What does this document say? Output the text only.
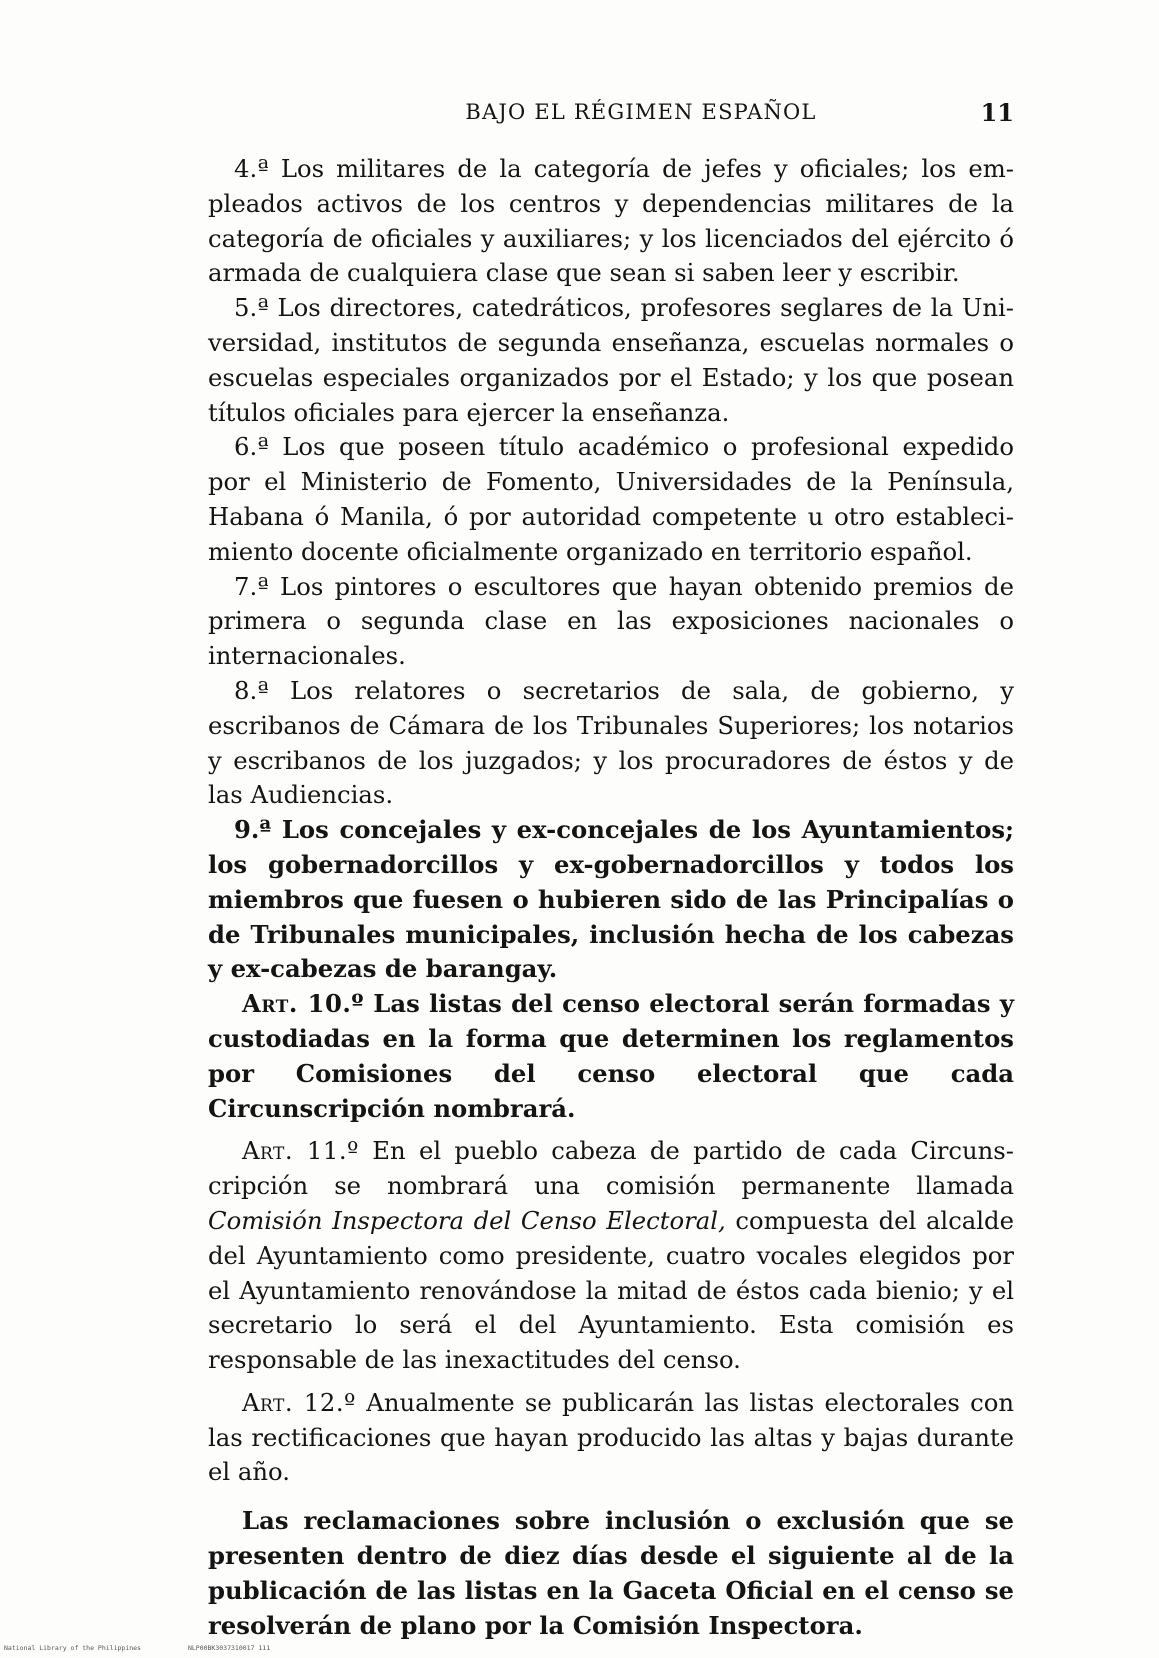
BAJO EL RÉGIMEN ESPAÑOL	11

4.ª Los militares de la categoría de jefes y oficiales; los empleados activos de los centros y dependencias militares de la categoría de oficiales y auxiliares; y los licenciados del ejército ó armada de cualquiera clase que sean si saben leer y escribir.

5.ª Los directores, catedráticos, profesores seglares de la Universidad, institutos de segunda enseñanza, escuelas normales o escuelas especiales organizados por el Estado; y los que posean títulos oficiales para ejercer la enseñanza.

6.ª Los que poseen título académico o profesional expedido por el Ministerio de Fomento, Universidades de la Península, Habana ó Manila, ó por autoridad competente u otro establecimiento docente oficialmente organizado en territorio español.

7.ª Los pintores o escultores que hayan obtenido premios de primera o segunda clase en las exposiciones nacionales o internacionales.

8.ª Los relatores o secretarios de sala, de gobierno, y escribanos de Cámara de los Tribunales Superiores; los notarios y escribanos de los juzgados; y los procuradores de éstos y de las Audiencias.

9.ª Los concejales y ex-concejales de los Ayuntamientos; los gobernadorcillos y ex-gobernadorcillos y todos los miembros que fuesen o hubieren sido de las Principalías o de Tribunales municipales, inclusión hecha de los cabezas y ex-cabezas de barangay.

Art. 10.º Las listas del censo electoral serán formadas y custodiadas en la forma que determinen los reglamentos por Comisiones del censo electoral que cada Circunscripción nombrará.

Art. 11.º En el pueblo cabeza de partido de cada Circunscripción se nombrará una comisión permanente llamada Comisión Inspectora del Censo Electoral, compuesta del alcalde del Ayuntamiento como presidente, cuatro vocales elegidos por el Ayuntamiento renovándose la mitad de éstos cada bienio; y el secretario lo será el del Ayuntamiento. Esta comisión es responsable de las inexactitudes del censo.

Art. 12.º Anualmente se publicarán las listas electorales con las rectificaciones que hayan producido las altas y bajas durante el año.

Las reclamaciones sobre inclusión o exclusión que se presenten dentro de diez días desde el siguiente al de la publicación de las listas en la Gaceta Oficial en el censo se resolverán de plano por la Comisión Inspectora.

National Library of the Philippines	NLP00BK3037310017 111
